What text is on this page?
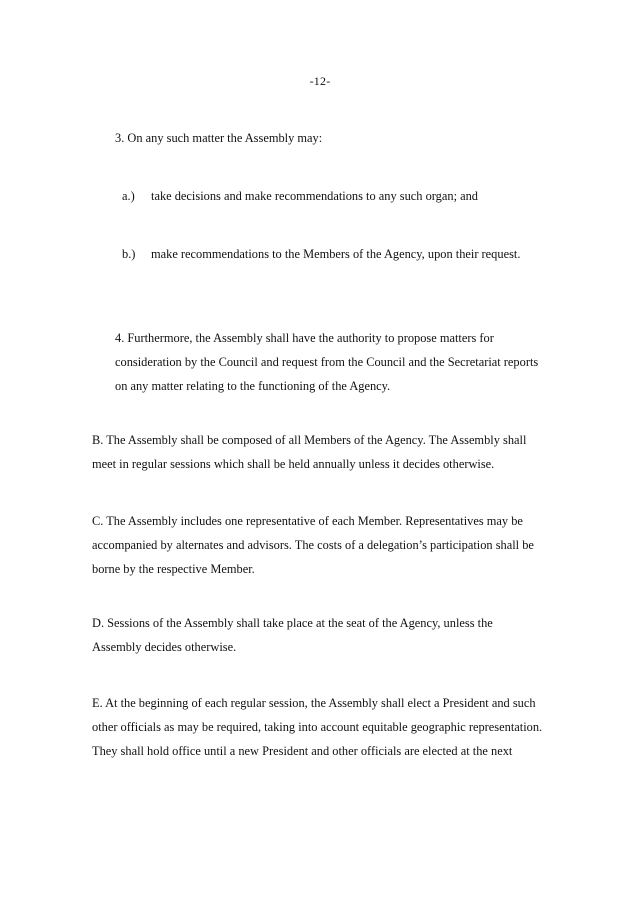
-12-
3. On any such matter the Assembly may:
a.) take decisions and make recommendations to any such organ; and
b.) make recommendations to the Members of the Agency, upon their request.
4. Furthermore, the Assembly shall have the authority to propose matters for
consideration by the Council and request from the Council and the Secretariat reports
on any matter relating to the functioning of the Agency.
B. The Assembly shall be composed of all Members of the Agency. The Assembly shall
meet in regular sessions which shall be held annually unless it decides otherwise.
C. The Assembly includes one representative of each Member. Representatives may be
accompanied by alternates and advisors. The costs of a delegation’s participation shall be
borne by the respective Member.
D. Sessions of the Assembly shall take place at the seat of the Agency, unless the
Assembly decides otherwise.
E. At the beginning of each regular session, the Assembly shall elect a President and such
other officials as may be required, taking into account equitable geographic representation.
They shall hold office until a new President and other officials are elected at the next
